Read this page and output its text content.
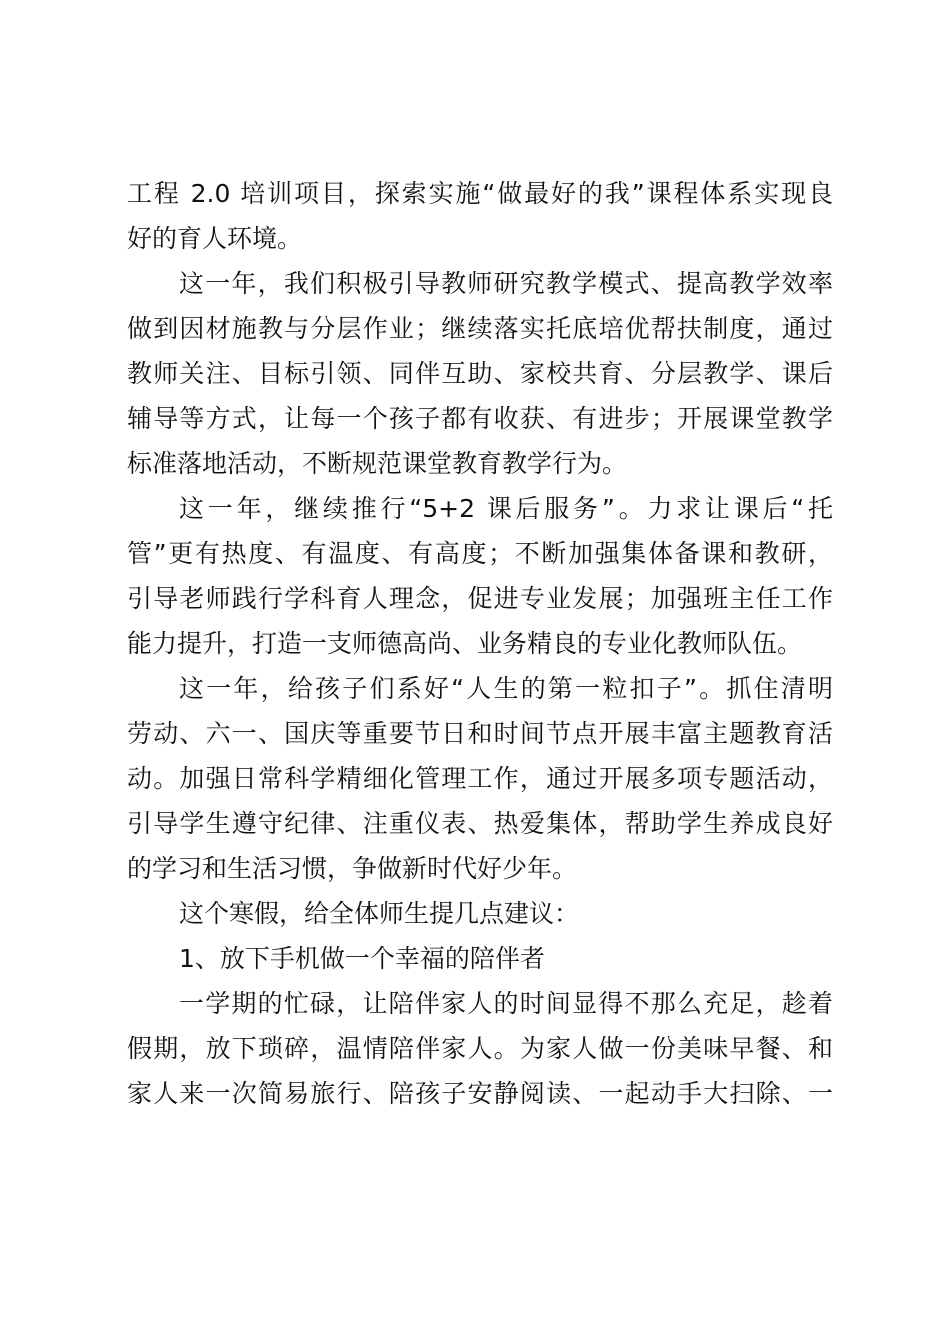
工程 2.0 培训项目，探索实施“做最好的我”课程体系实现良
好的育人环境。
这一年，我们积极引导教师研究教学模式、提高教学效率
做到因材施教与分层作业；继续落实托底培优帮扶制度，通过
教师关注、目标引领、同伴互助、家校共育、分层教学、课后
辅导等方式，让每一个孩子都有收获、有进步；开展课堂教学
标准落地活动，不断规范课堂教育教学行为。
这一年，继续推行“5+2 课后服务”。力求让课后“托
管”更有热度、有温度、有高度；不断加强集体备课和教研，
引导老师践行学科育人理念，促进专业发展；加强班主任工作
能力提升，打造一支师德高尚、业务精良的专业化教师队伍。
这一年，给孩子们系好“人生的第一粒扣子”。抓住清明
劳动、六一、国庆等重要节日和时间节点开展丰富主题教育活
动。加强日常科学精细化管理工作，通过开展多项专题活动，
引导学生遵守纪律、注重仪表、热爱集体，帮助学生养成良好
的学习和生活习惯，争做新时代好少年。
这个寒假，给全体师生提几点建议：
1、放下手机做一个幸福的陪伴者
一学期的忙碌，让陪伴家人的时间显得不那么充足，趁着
假期，放下琐碎，温情陪伴家人。为家人做一份美味早餐、和
家人来一次简易旅行、陪孩子安静阅读、一起动手大扫除、一
